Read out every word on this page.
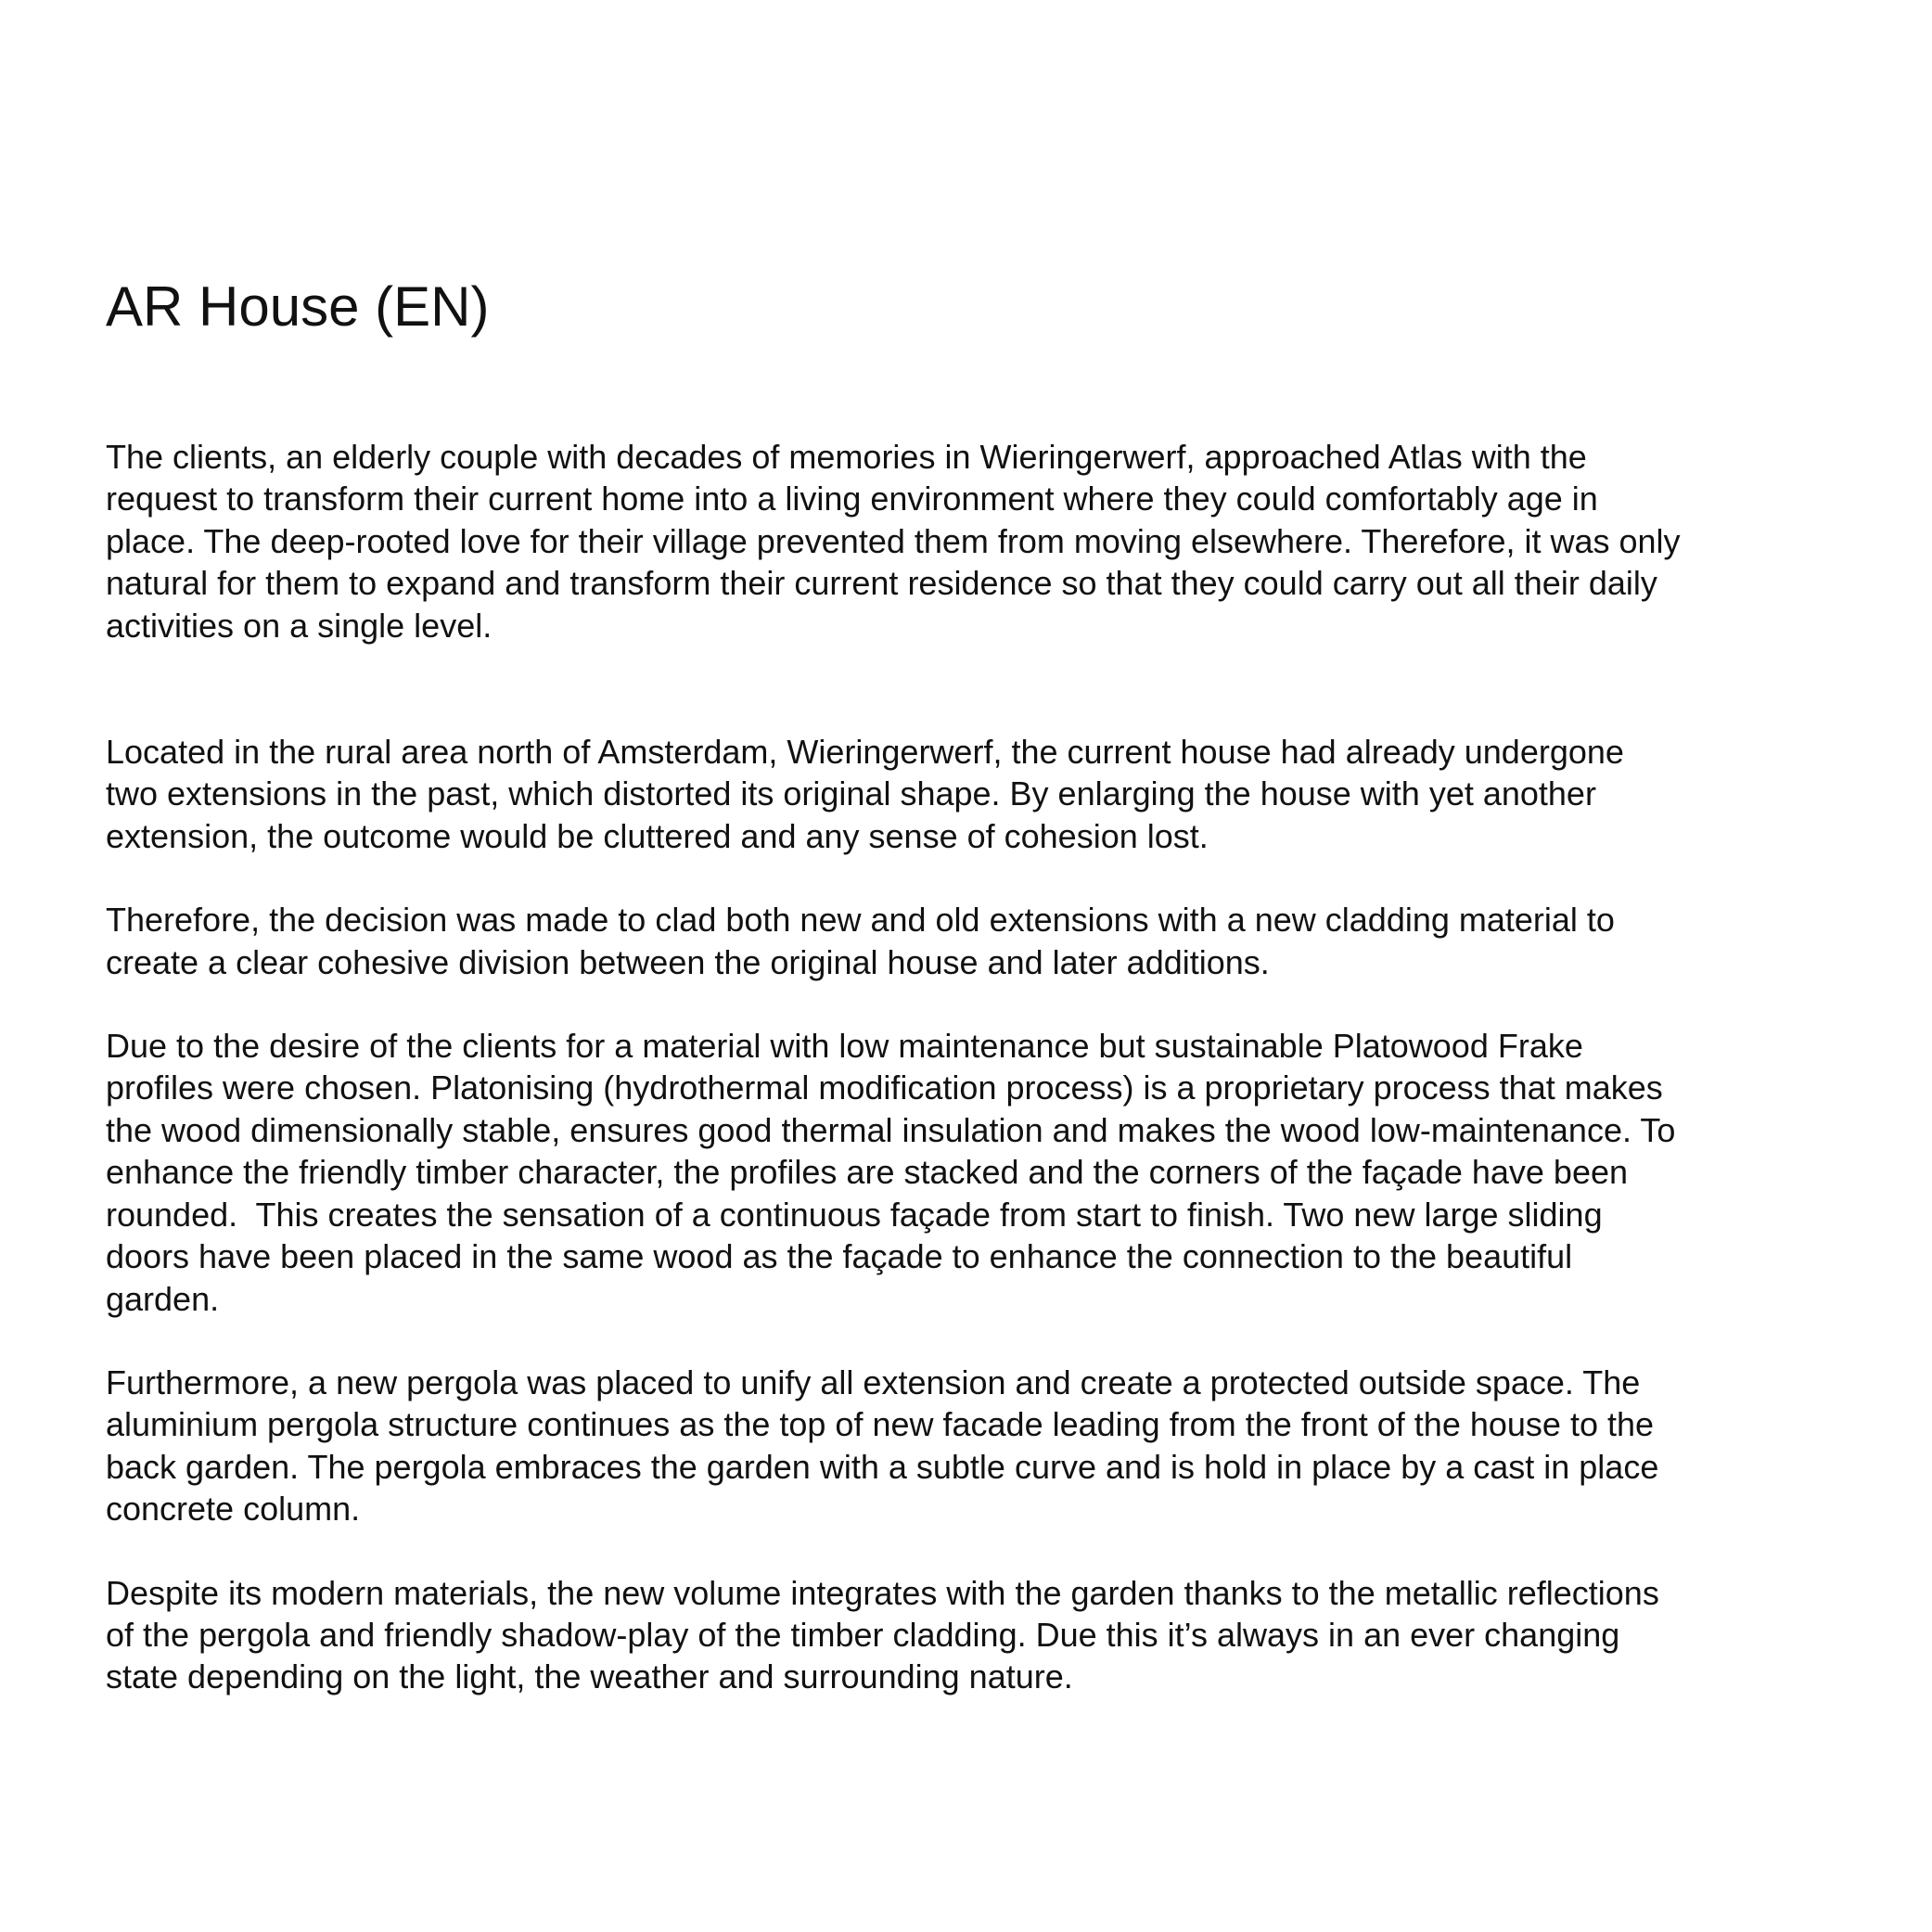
AR House (EN)

The clients, an elderly couple with decades of memories in Wieringerwerf, approached Atlas with the
request to transform their current home into a living environment where they could comfortably age in
place. The deep-rooted love for their village prevented them from moving elsewhere. Therefore, it was only
natural for them to expand and transform their current residence so that they could carry out all their daily
activities on a single level.

Located in the rural area north of Amsterdam, Wieringerwerf, the current house had already undergone
two extensions in the past, which distorted its original shape. By enlarging the house with yet another
extension, the outcome would be cluttered and any sense of cohesion lost.

Therefore, the decision was made to clad both new and old extensions with a new cladding material to
create a clear cohesive division between the original house and later additions.

Due to the desire of the clients for a material with low maintenance but sustainable Platowood Frake
profiles were chosen. Platonising (hydrothermal modification process) is a proprietary process that makes
the wood dimensionally stable, ensures good thermal insulation and makes the wood low-maintenance. To
enhance the friendly timber character, the profiles are stacked and the corners of the façade have been
rounded.  This creates the sensation of a continuous façade from start to finish. Two new large sliding
doors have been placed in the same wood as the façade to enhance the connection to the beautiful
garden.

Furthermore, a new pergola was placed to unify all extension and create a protected outside space. The
aluminium pergola structure continues as the top of new facade leading from the front of the house to the
back garden. The pergola embraces the garden with a subtle curve and is hold in place by a cast in place
concrete column.

Despite its modern materials, the new volume integrates with the garden thanks to the metallic reflections
of the pergola and friendly shadow-play of the timber cladding. Due this it’s always in an ever changing
state depending on the light, the weather and surrounding nature.
